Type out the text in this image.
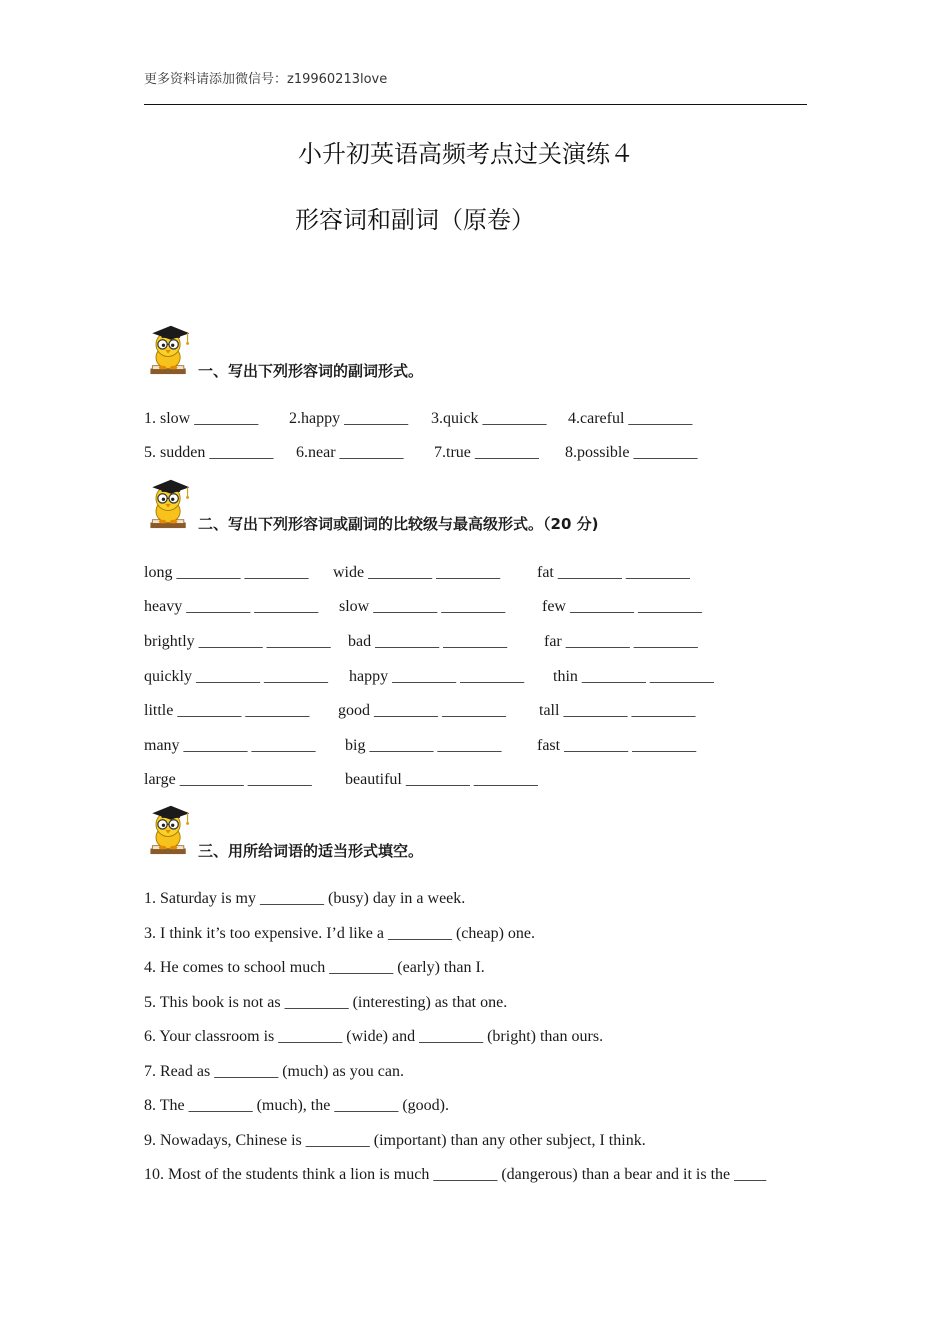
更多资料请添加微信号：z19960213love
小升初英语高频考点过关演练４
形容词和副词（原卷）
一、写出下列形容词的副词形式。
1. slow ________ 2.happy ________ 3.quick ________ 4.careful ________
5. sudden ________ 6.near ________ 7.true ________ 8.possible ________
二、写出下列形容词或副词的比较级与最高级形式。（20 分)
long ________ ________ wide ________ ________ fat ________ ________
heavy ________ ________ slow ________ ________ few ________ ________
brightly ________ ________ bad ________ ________ far ________ ________
quickly ________ ________ happy ________ ________ thin ________ ________
little ________ ________ good ________ ________ tall ________ ________
many ________ ________ big ________ ________ fast ________ ________
large ________ ________ beautiful ________ ________
三、用所给词语的适当形式填空。
1. Saturday is my ________ (busy) day in a week.
3. I think it’s too expensive. I’d like a ________ (cheap) one.
4. He comes to school much ________ (early) than I.
5. This book is not as ________ (interesting) as that one.
6. Your classroom is ________ (wide) and ________ (bright) than ours.
7. Read as ________ (much) as you can.
8. The ________ (much), the ________ (good).
9. Nowadays, Chinese is ________ (important) than any other subject, I think.
10. Most of the students think a lion is much ________ (dangerous) than a bear and it is the ____
